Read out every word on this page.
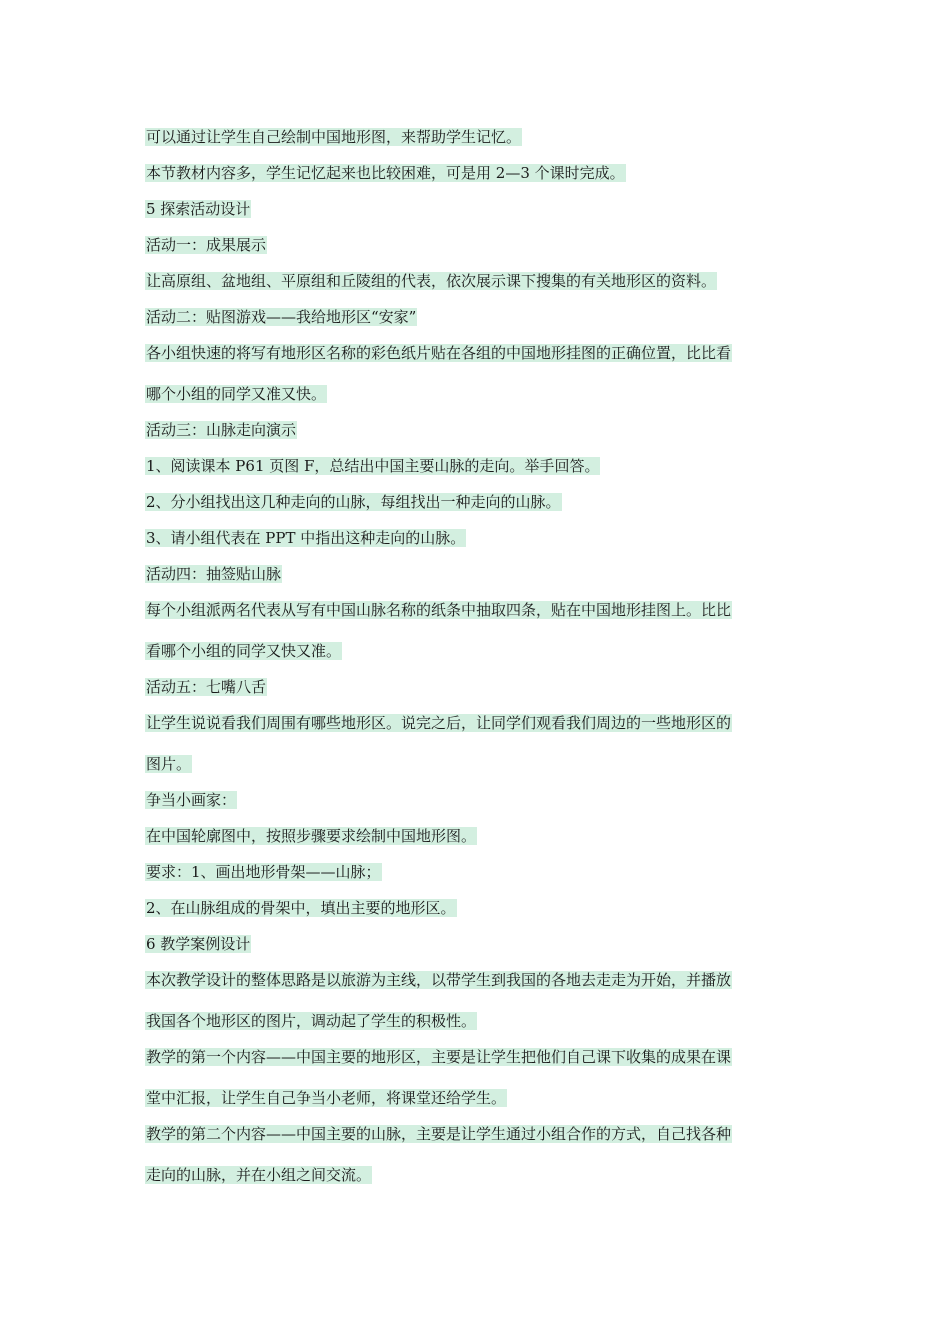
可以通过让学生自己绘制中国地形图，来帮助学生记忆。
本节教材内容多，学生记忆起来也比较困难，可是用 2—3 个课时完成。
5 探索活动设计
活动一：成果展示
让高原组、盆地组、平原组和丘陵组的代表，依次展示课下搜集的有关地形区的资料。
活动二：贴图游戏——我给地形区“安家”
各小组快速的将写有地形区名称的彩色纸片贴在各组的中国地形挂图的正确位置，比比看
哪个小组的同学又准又快。
活动三：山脉走向演示
1、阅读课本 P61 页图 F，总结出中国主要山脉的走向。举手回答。
2、分小组找出这几种走向的山脉，每组找出一种走向的山脉。
3、请小组代表在 PPT 中指出这种走向的山脉。
活动四：抽签贴山脉
每个小组派两名代表从写有中国山脉名称的纸条中抽取四条，贴在中国地形挂图上。比比
看哪个小组的同学又快又准。
活动五：七嘴八舌
让学生说说看我们周围有哪些地形区。说完之后，让同学们观看我们周边的一些地形区的
图片。
争当小画家：
在中国轮廓图中，按照步骤要求绘制中国地形图。
要求：1、画出地形骨架——山脉；
2、在山脉组成的骨架中，填出主要的地形区。
6 教学案例设计
本次教学设计的整体思路是以旅游为主线，以带学生到我国的各地去走走为开始，并播放
我国各个地形区的图片，调动起了学生的积极性。
教学的第一个内容——中国主要的地形区，主要是让学生把他们自己课下收集的成果在课
堂中汇报，让学生自己争当小老师，将课堂还给学生。
教学的第二个内容——中国主要的山脉，主要是让学生通过小组合作的方式，自己找各种
走向的山脉，并在小组之间交流。
